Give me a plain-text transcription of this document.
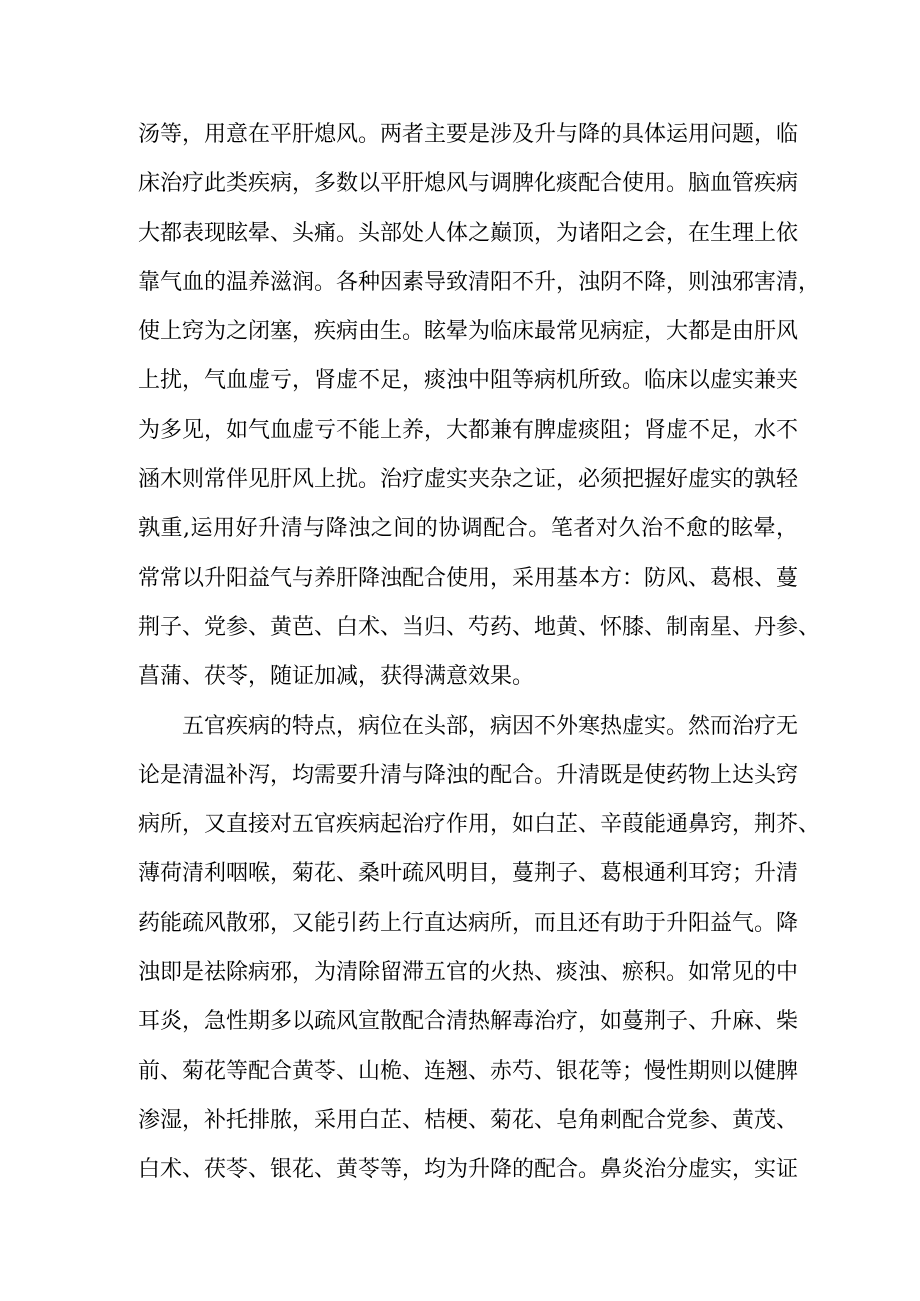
汤等，用意在平肝熄风。两者主要是涉及升与降的具体运用问题，临
床治疗此类疾病，多数以平肝熄风与调脾化痰配合使用。脑血管疾病
大都表现眩晕、头痛。头部处人体之巅顶，为诸阳之会，在生理上依
靠气血的温养滋润。各种因素导致清阳不升，浊阴不降，则浊邪害清，
使上窍为之闭塞，疾病由生。眩晕为临床最常见病症，大都是由肝风
上扰，气血虚亏，肾虚不足，痰浊中阻等病机所致。临床以虚实兼夹
为多见，如气血虚亏不能上养，大都兼有脾虚痰阻；肾虚不足，水不
涵木则常伴见肝风上扰。治疗虚实夹杂之证，必须把握好虚实的孰轻
孰重,运用好升清与降浊之间的协调配合。笔者对久治不愈的眩晕，
常常以升阳益气与养肝降浊配合使用，采用基本方：防风、葛根、蔓
荆子、党参、黄芭、白术、当归、芍药、地黄、怀膝、制南星、丹参、
菖蒲、茯苓，随证加减，获得满意效果。
五官疾病的特点，病位在头部，病因不外寒热虚实。然而治疗无
论是清温补泻，均需要升清与降浊的配合。升清既是使药物上达头窍
病所，又直接对五官疾病起治疗作用，如白芷、辛葭能通鼻窍，荆芥、
薄荷清利咽喉，菊花、桑叶疏风明目，蔓荆子、葛根通利耳窍；升清
药能疏风散邪，又能引药上行直达病所，而且还有助于升阳益气。降
浊即是祛除病邪，为清除留滞五官的火热、痰浊、瘀积。如常见的中
耳炎，急性期多以疏风宣散配合清热解毒治疗，如蔓荆子、升麻、柴
前、菊花等配合黄苓、山桅、连翘、赤芍、银花等；慢性期则以健脾
渗湿，补托排脓，采用白芷、桔梗、菊花、皂角刺配合党参、黄茂、
白术、茯苓、银花、黄苓等，均为升降的配合。鼻炎治分虚实，实证
